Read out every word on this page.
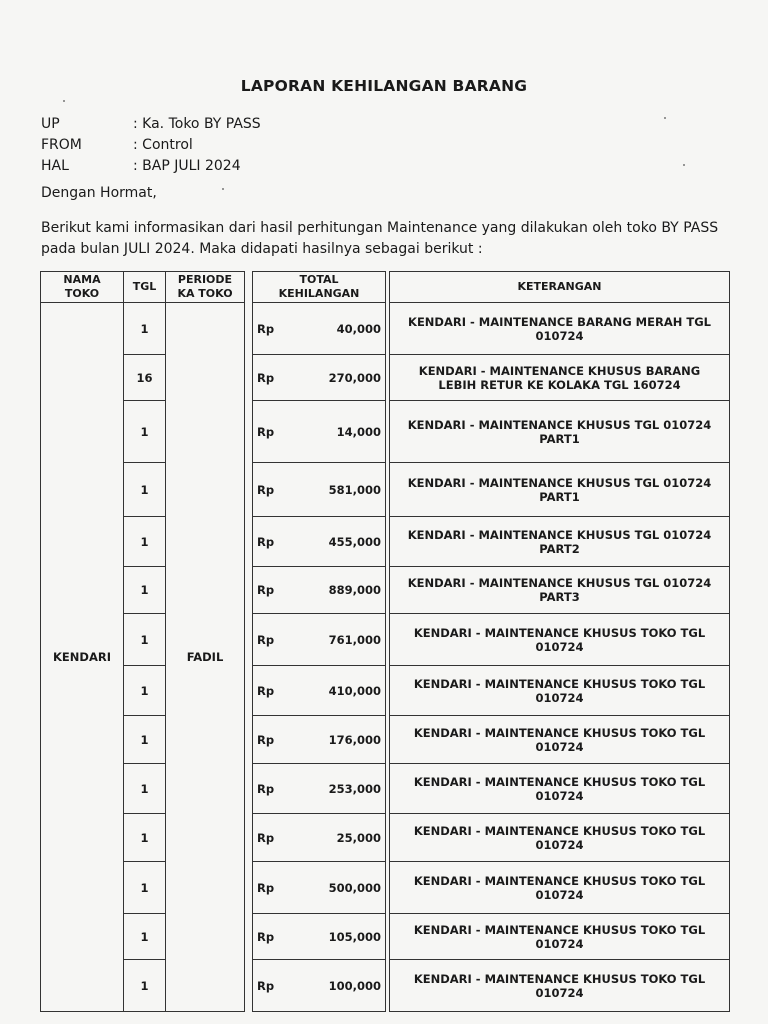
LAPORAN KEHILANGAN BARANG
UP	: Ka. Toko BY PASS
FROM	: Control
HAL	: BAP JULI 2024
Dengan Hormat,
Berikut kami informasikan dari hasil perhitungan Maintenance yang dilakukan oleh toko BY PASS
pada bulan JULI 2024. Maka didapati hasilnya sebagai berikut :
NAMA
TOKO	TGL	PERIODE
KA TOKO		TOTAL
KEHILANGAN		KETERANGAN
KENDARI	1	FADIL		Rp 40,000		KENDARI - MAINTENANCE BARANG MERAH TGL
010724
	16			Rp 270,000		KENDARI - MAINTENANCE KHUSUS BARANG
LEBIH RETUR KE KOLAKA TGL 160724
	1			Rp 14,000		KENDARI - MAINTENANCE KHUSUS TGL 010724
PART1
	1			Rp 581,000		KENDARI - MAINTENANCE KHUSUS TGL 010724
PART1
	1			Rp 455,000		KENDARI - MAINTENANCE KHUSUS TGL 010724
PART2
	1			Rp 889,000		KENDARI - MAINTENANCE KHUSUS TGL 010724
PART3
	1			Rp 761,000		KENDARI - MAINTENANCE KHUSUS TOKO TGL
010724
	1			Rp 410,000		KENDARI - MAINTENANCE KHUSUS TOKO TGL
010724
	1			Rp 176,000		KENDARI - MAINTENANCE KHUSUS TOKO TGL
010724
	1			Rp 253,000		KENDARI - MAINTENANCE KHUSUS TOKO TGL
010724
	1			Rp 25,000		KENDARI - MAINTENANCE KHUSUS TOKO TGL
010724
	1			Rp 500,000		KENDARI - MAINTENANCE KHUSUS TOKO TGL
010724
	1			Rp 105,000		KENDARI - MAINTENANCE KHUSUS TOKO TGL
010724
	1			Rp 100,000		KENDARI - MAINTENANCE KHUSUS TOKO TGL
010724
